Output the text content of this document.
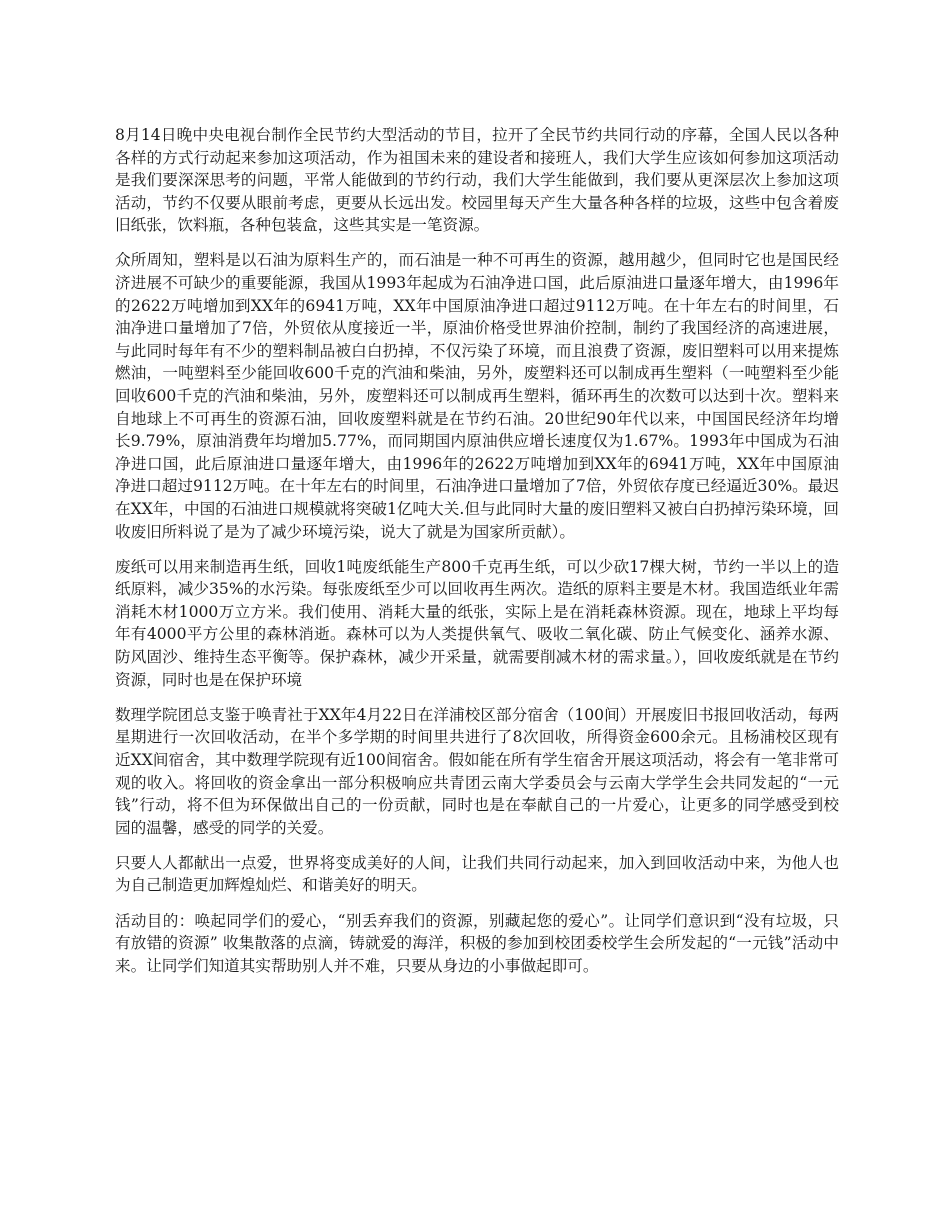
8月14日晚中央电视台制作全民节约大型活动的节目，拉开了全民节约共同行动的序幕，全国人民以各种各样的方式行动起来参加这项活动，作为祖国未来的建设者和接班人，我们大学生应该如何参加这项活动是我们要深深思考的问题，平常人能做到的节约行动，我们大学生能做到，我们要从更深层次上参加这项活动，节约不仅要从眼前考虑，更要从长远出发。校园里每天产生大量各种各样的垃圾，这些中包含着废旧纸张，饮料瓶，各种包装盒，这些其实是一笔资源。

众所周知，塑料是以石油为原料生产的，而石油是一种不可再生的资源，越用越少，但同时它也是国民经济进展不可缺少的重要能源，我国从1993年起成为石油净进口国，此后原油进口量逐年增大，由1996年的2622万吨增加到XX年的6941万吨，XX年中国原油净进口超过9112万吨。在十年左右的时间里，石油净进口量增加了7倍，外贸依从度接近一半，原油价格受世界油价控制，制约了我国经济的高速进展，与此同时每年有不少的塑料制品被白白扔掉，不仅污染了环境，而且浪费了资源，废旧塑料可以用来提炼燃油，一吨塑料至少能回收600千克的汽油和柴油，另外，废塑料还可以制成再生塑料（一吨塑料至少能回收600千克的汽油和柴油，另外，废塑料还可以制成再生塑料，循环再生的次数可以达到十次。塑料来自地球上不可再生的资源石油，回收废塑料就是在节约石油。20世纪90年代以来，中国国民经济年均增长9.79%，原油消费年均增加5.77%，而同期国内原油供应增长速度仅为1.67%。1993年中国成为石油净进口国，此后原油进口量逐年增大，由1996年的2622万吨增加到XX年的6941万吨，XX年中国原油净进口超过9112万吨。在十年左右的时间里，石油净进口量增加了7倍，外贸依存度已经逼近30%。最迟在XX年，中国的石油进口规模就将突破1亿吨大关.但与此同时大量的废旧塑料又被白白扔掉污染环境，回收废旧所料说了是为了减少环境污染，说大了就是为国家所贡献）。

废纸可以用来制造再生纸，回收1吨废纸能生产800千克再生纸，可以少砍17棵大树，节约一半以上的造纸原料，减少35%的水污染。每张废纸至少可以回收再生两次。造纸的原料主要是木材。我国造纸业年需消耗木材1000万立方米。我们使用、消耗大量的纸张，实际上是在消耗森林资源。现在，地球上平均每年有4000平方公里的森林消逝。森林可以为人类提供氧气、吸收二氧化碳、防止气候变化、涵养水源、防风固沙、维持生态平衡等。保护森林，减少开采量，就需要削减木材的需求量。），回收废纸就是在节约资源，同时也是在保护环境

数理学院团总支鉴于唤青社于XX年4月22日在洋浦校区部分宿舍（100间）开展废旧书报回收活动，每两星期进行一次回收活动，在半个多学期的时间里共进行了8次回收，所得资金600余元。且杨浦校区现有近XX间宿舍，其中数理学院现有近100间宿舍。假如能在所有学生宿舍开展这项活动，将会有一笔非常可观的收入。将回收的资金拿出一部分积极响应共青团云南大学委员会与云南大学学生会共同发起的“一元钱”行动，将不但为环保做出自己的一份贡献，同时也是在奉献自己的一片爱心，让更多的同学感受到校园的温馨，感受的同学的关爱。

只要人人都献出一点爱，世界将变成美好的人间，让我们共同行动起来，加入到回收活动中来，为他人也为自己制造更加辉煌灿烂、和谐美好的明天。

活动目的：唤起同学们的爱心，“别丢弃我们的资源，别藏起您的爱心”。让同学们意识到“没有垃圾，只有放错的资源” 收集散落的点滴，铸就爱的海洋，积极的参加到校团委校学生会所发起的“一元钱”活动中来。让同学们知道其实帮助别人并不难，只要从身边的小事做起即可。
